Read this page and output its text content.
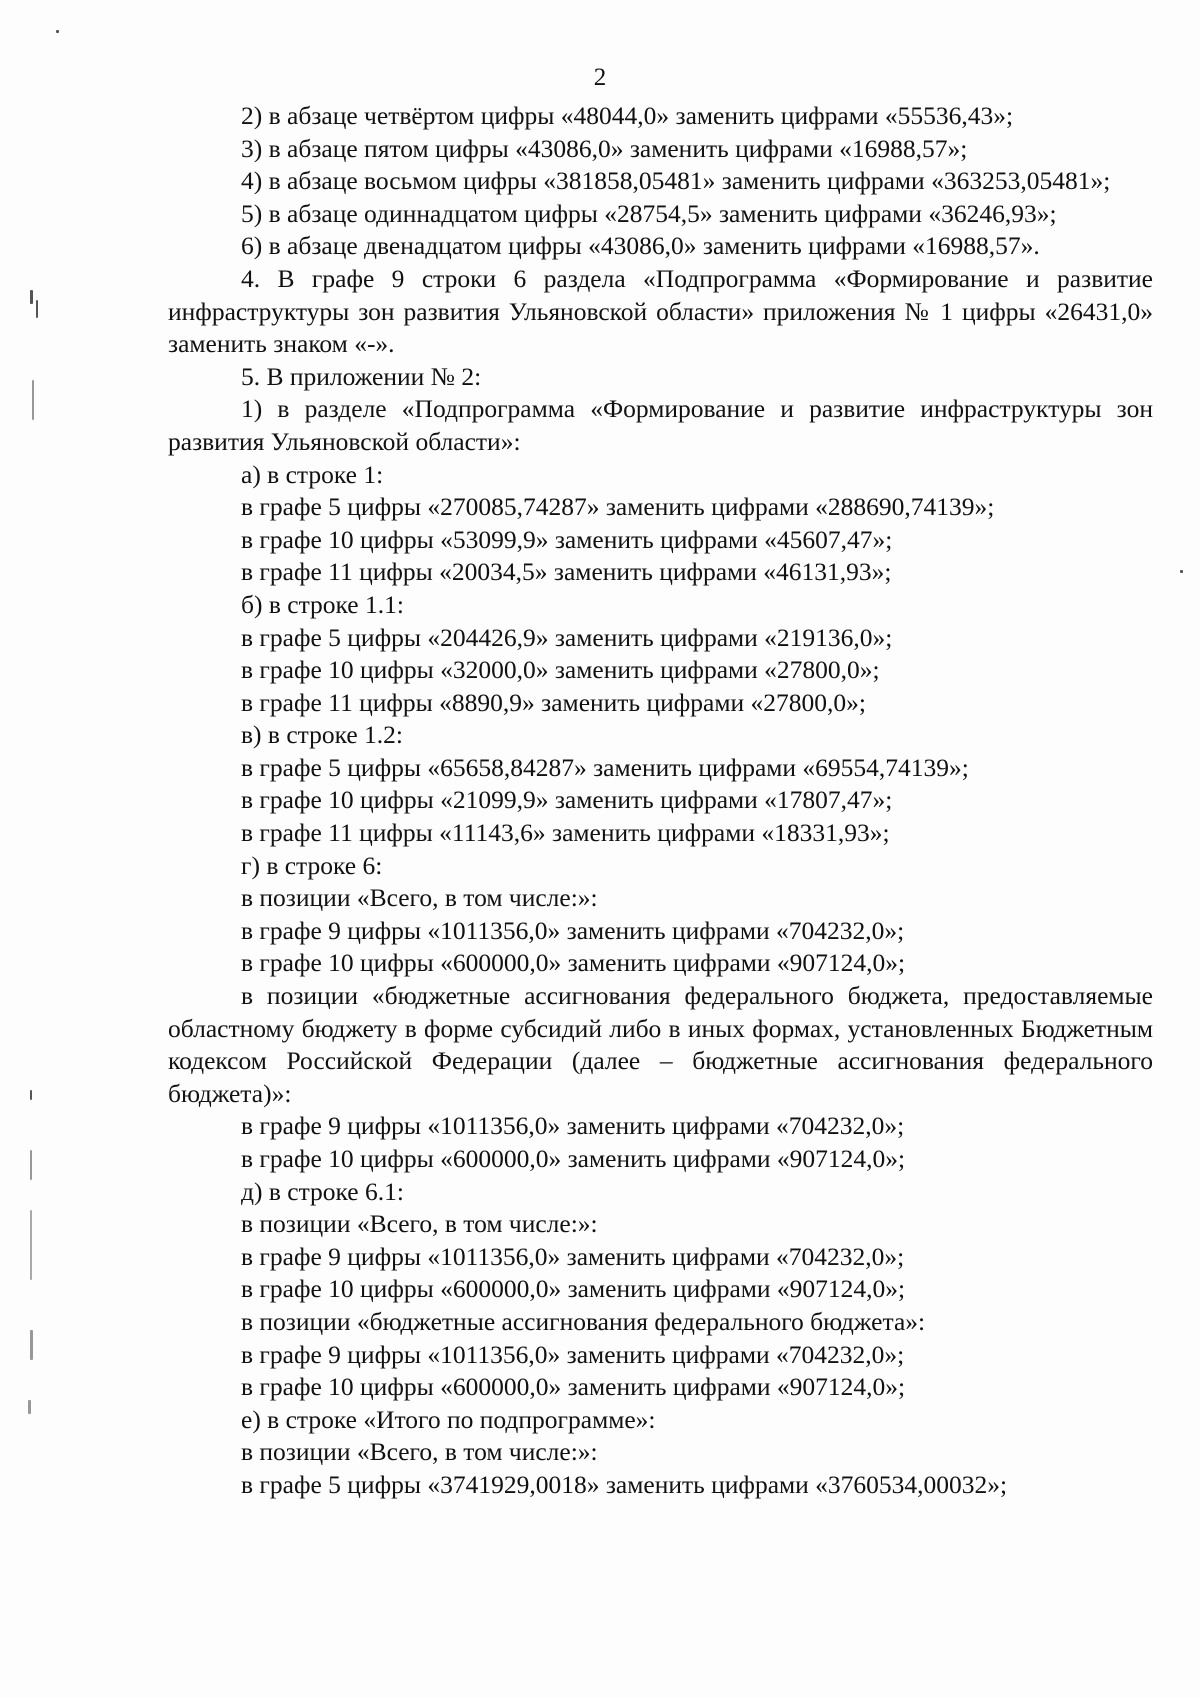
2

2) в абзаце четвёртом цифры «48044,0» заменить цифрами «55536,43»;

3) в абзаце пятом цифры «43086,0» заменить цифрами «16988,57»;

4) в абзаце восьмом цифры «381858,05481» заменить цифрами «363253,05481»;

5) в абзаце одиннадцатом цифры «28754,5» заменить цифрами «36246,93»;

6) в абзаце двенадцатом цифры «43086,0» заменить цифрами «16988,57».

4. В графе 9 строки 6 раздела «Подпрограмма «Формирование и развитие инфраструктуры зон развития Ульяновской области» приложения № 1 цифры «26431,0» заменить знаком «-».

5. В приложении № 2:

1) в разделе «Подпрограмма «Формирование и развитие инфраструктуры зон развития Ульяновской области»:

а) в строке 1:

в графе 5 цифры «270085,74287» заменить цифрами «288690,74139»;

в графе 10 цифры «53099,9» заменить цифрами «45607,47»;

в графе 11 цифры «20034,5» заменить цифрами «46131,93»;

б) в строке 1.1:

в графе 5 цифры «204426,9» заменить цифрами «219136,0»;

в графе 10 цифры «32000,0» заменить цифрами «27800,0»;

в графе 11 цифры «8890,9» заменить цифрами «27800,0»;

в) в строке 1.2:

в графе 5 цифры «65658,84287» заменить цифрами «69554,74139»;

в графе 10 цифры «21099,9» заменить цифрами «17807,47»;

в графе 11 цифры «11143,6» заменить цифрами «18331,93»;

г) в строке 6:

в позиции «Всего, в том числе:»:

в графе 9 цифры «1011356,0» заменить цифрами «704232,0»;

в графе 10 цифры «600000,0» заменить цифрами «907124,0»;

в позиции «бюджетные ассигнования федерального бюджета, предоставляемые областному бюджету в форме субсидий либо в иных формах, установленных Бюджетным кодексом Российской Федерации (далее – бюджетные ассигнования федерального бюджета)»:

в графе 9 цифры «1011356,0» заменить цифрами «704232,0»;

в графе 10 цифры «600000,0» заменить цифрами «907124,0»;

д) в строке 6.1:

в позиции «Всего, в том числе:»:

в графе 9 цифры «1011356,0» заменить цифрами «704232,0»;

в графе 10 цифры «600000,0» заменить цифрами «907124,0»;

в позиции «бюджетные ассигнования федерального бюджета»:

в графе 9 цифры «1011356,0» заменить цифрами «704232,0»;

в графе 10 цифры «600000,0» заменить цифрами «907124,0»;

е) в строке «Итого по подпрограмме»:

в позиции «Всего, в том числе:»:

в графе 5 цифры «3741929,0018» заменить цифрами «3760534,00032»;
